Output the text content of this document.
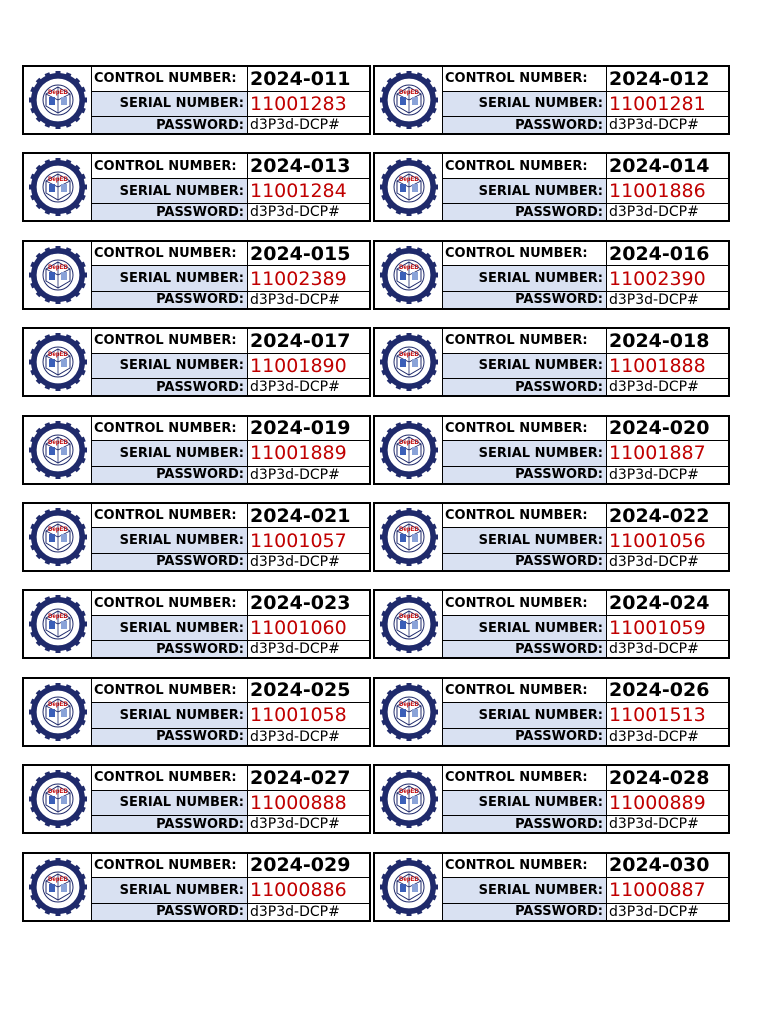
DepED
CONTROL NUMBER: 2024-011
SERIAL NUMBER: 11001283
PASSWORD: d3P3d-DCP#
DepED
CONTROL NUMBER:	2024-012
SERIAL NUMBER: 11001281
PASSWORD: d3P3d-DCP#
DepED
CONTROL NUMBER: 2024-013
SERIAL NUMBER: 11001284
PASSWORD: d3P3d-DCP#
DepED
CONTROL NUMBER:	2024-014
SERIAL NUMBER: 11001886
PASSWORD: d3P3d-DCP#
DepED
CONTROL NUMBER: 2024-015
SERIAL NUMBER: 11002389
PASSWORD: d3P3d-DCP#
DepED
CONTROL NUMBER:	2024-016
SERIAL NUMBER: 11002390
PASSWORD: d3P3d-DCP#
DepED
CONTROL NUMBER: 2024-017
SERIAL NUMBER: 11001890
PASSWORD: d3P3d-DCP#
DepED
CONTROL NUMBER:	2024-018
SERIAL NUMBER: 11001888
PASSWORD: d3P3d-DCP#
DepED
CONTROL NUMBER: 2024-019
SERIAL NUMBER: 11001889
PASSWORD: d3P3d-DCP#
DepED
CONTROL NUMBER:	2024-020
SERIAL NUMBER: 11001887
PASSWORD: d3P3d-DCP#
DepED
CONTROL NUMBER: 2024-021
SERIAL NUMBER: 11001057
PASSWORD: d3P3d-DCP#
DepED
CONTROL NUMBER:	2024-022
SERIAL NUMBER: 11001056
PASSWORD: d3P3d-DCP#
DepED
CONTROL NUMBER: 2024-023
SERIAL NUMBER: 11001060
PASSWORD: d3P3d-DCP#
DepED
CONTROL NUMBER:	2024-024
SERIAL NUMBER: 11001059
PASSWORD: d3P3d-DCP#
DepED
CONTROL NUMBER: 2024-025
SERIAL NUMBER: 11001058
PASSWORD: d3P3d-DCP#
DepED
CONTROL NUMBER:	2024-026
SERIAL NUMBER: 11001513
PASSWORD: d3P3d-DCP#
DepED
CONTROL NUMBER: 2024-027
SERIAL NUMBER: 11000888
PASSWORD: d3P3d-DCP#
DepED
CONTROL NUMBER:	2024-028
SERIAL NUMBER: 11000889
PASSWORD: d3P3d-DCP#
DepED
CONTROL NUMBER: 2024-029
SERIAL NUMBER: 11000886
PASSWORD: d3P3d-DCP#
DepED
CONTROL NUMBER:	2024-030
SERIAL NUMBER: 11000887
PASSWORD: d3P3d-DCP#
